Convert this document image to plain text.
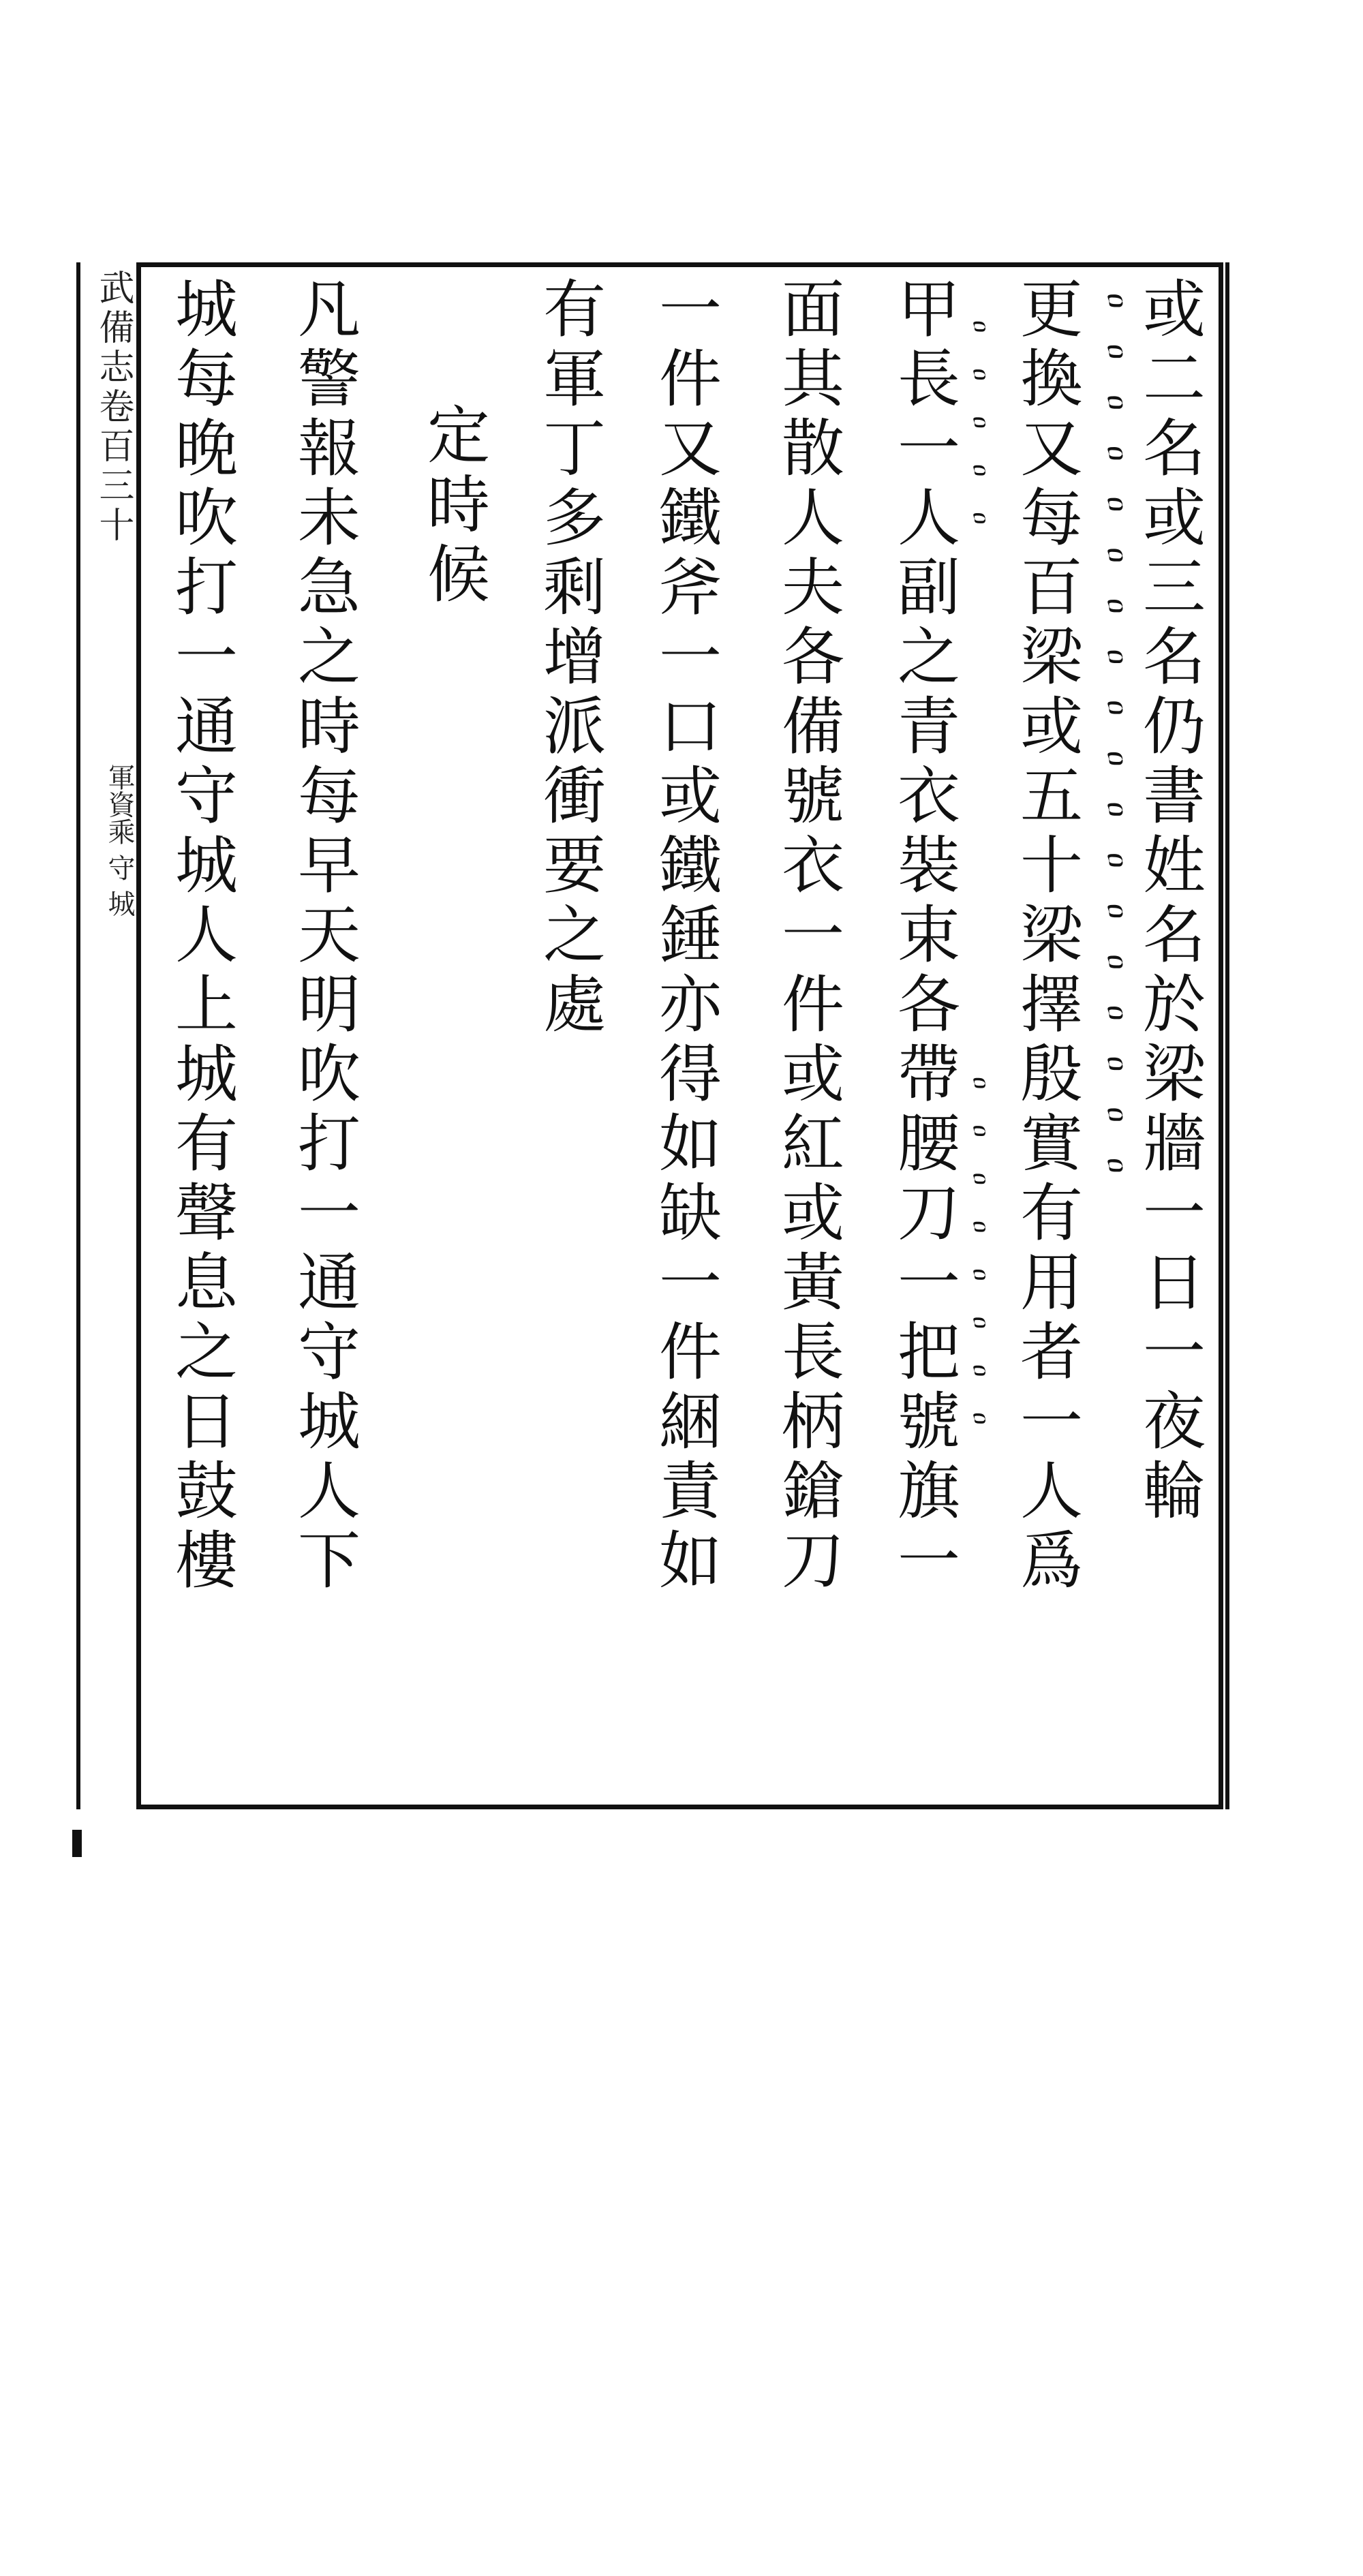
武備志卷百三十
軍資乘 守 城	ዐዐዐዐዐዐዐዐዐዐዐዐዐዐዐዐዐዐ
ዐዐዐዐዐ
ዐዐዐዐዐዐዐዐ 或二名或三名仍書姓名於梁牆一日一夜輪
更換又每百梁或五十梁擇殷實有用者一人爲
甲長一人副之青衣裝束各帶腰刀一把號旗一
面其散人夫各備號衣一件或紅或黃長柄鎗刀
一件又鐵斧一口或鐵錘亦得如缺一件綑責如
有軍丁多剩增派衝要之處
定時候
凡警報未急之時每早天明吹打一通守城人下
城每晚吹打一通守城人上城有聲息之日鼓樓
